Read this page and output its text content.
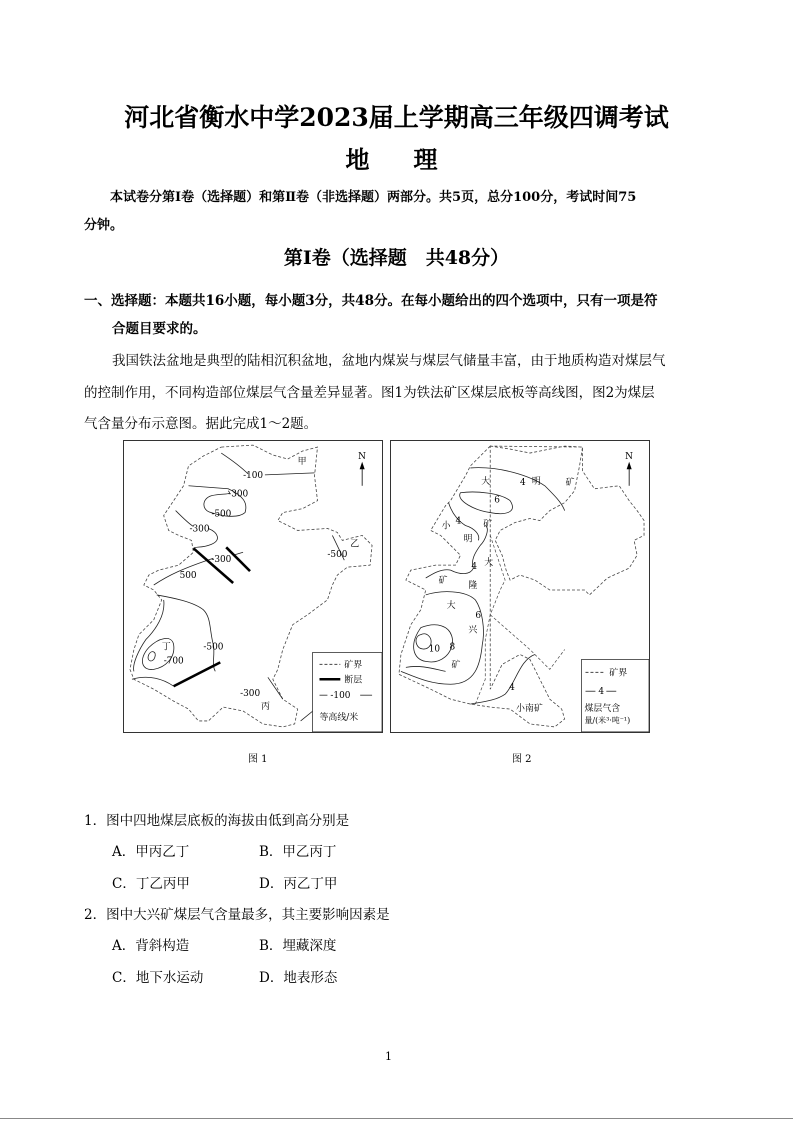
河北省衡水中学2023届上学期高三年级四调考试
地　理
本试卷分第Ⅰ卷（选择题）和第Ⅱ卷（非选择题）两部分。共5页，总分100分，考试时间75
分钟。
第Ⅰ卷（选择题　共48分）
一、选择题：本题共16小题，每小题3分，共48分。在每小题给出的四个选项中，只有一项是符
合题目要求的。
我国铁法盆地是典型的陆相沉积盆地，盆地内煤炭与煤层气储量丰富，由于地质构造对煤层气
的控制作用，不同构造部位煤层气含量差异显著。图1为铁法矿区煤层底板等高线图，图2为煤层
气含量分布示意图。据此完成1～2题。
N
甲
-100
-300
-500
-300
-300
500
乙
-500
丁
-700
-500
-300
丙
矿界
断层
-100
等高线/米
图 1
N
大	4 明	矿
6
4
小	矿
明
4 大
矿 隆
大
6
兴
10 8
矿
4
小南矿
矿界
4
煤层气含
量/(米³·吨⁻¹)
图 2
1．图中四地煤层底板的海拔由低到高分别是
A．甲丙乙丁	B．甲乙丙丁
C．丁乙丙甲	D．丙乙丁甲
2．图中大兴矿煤层气含量最多，其主要影响因素是
A．背斜构造	B．埋藏深度
C．地下水运动	D．地表形态
1
